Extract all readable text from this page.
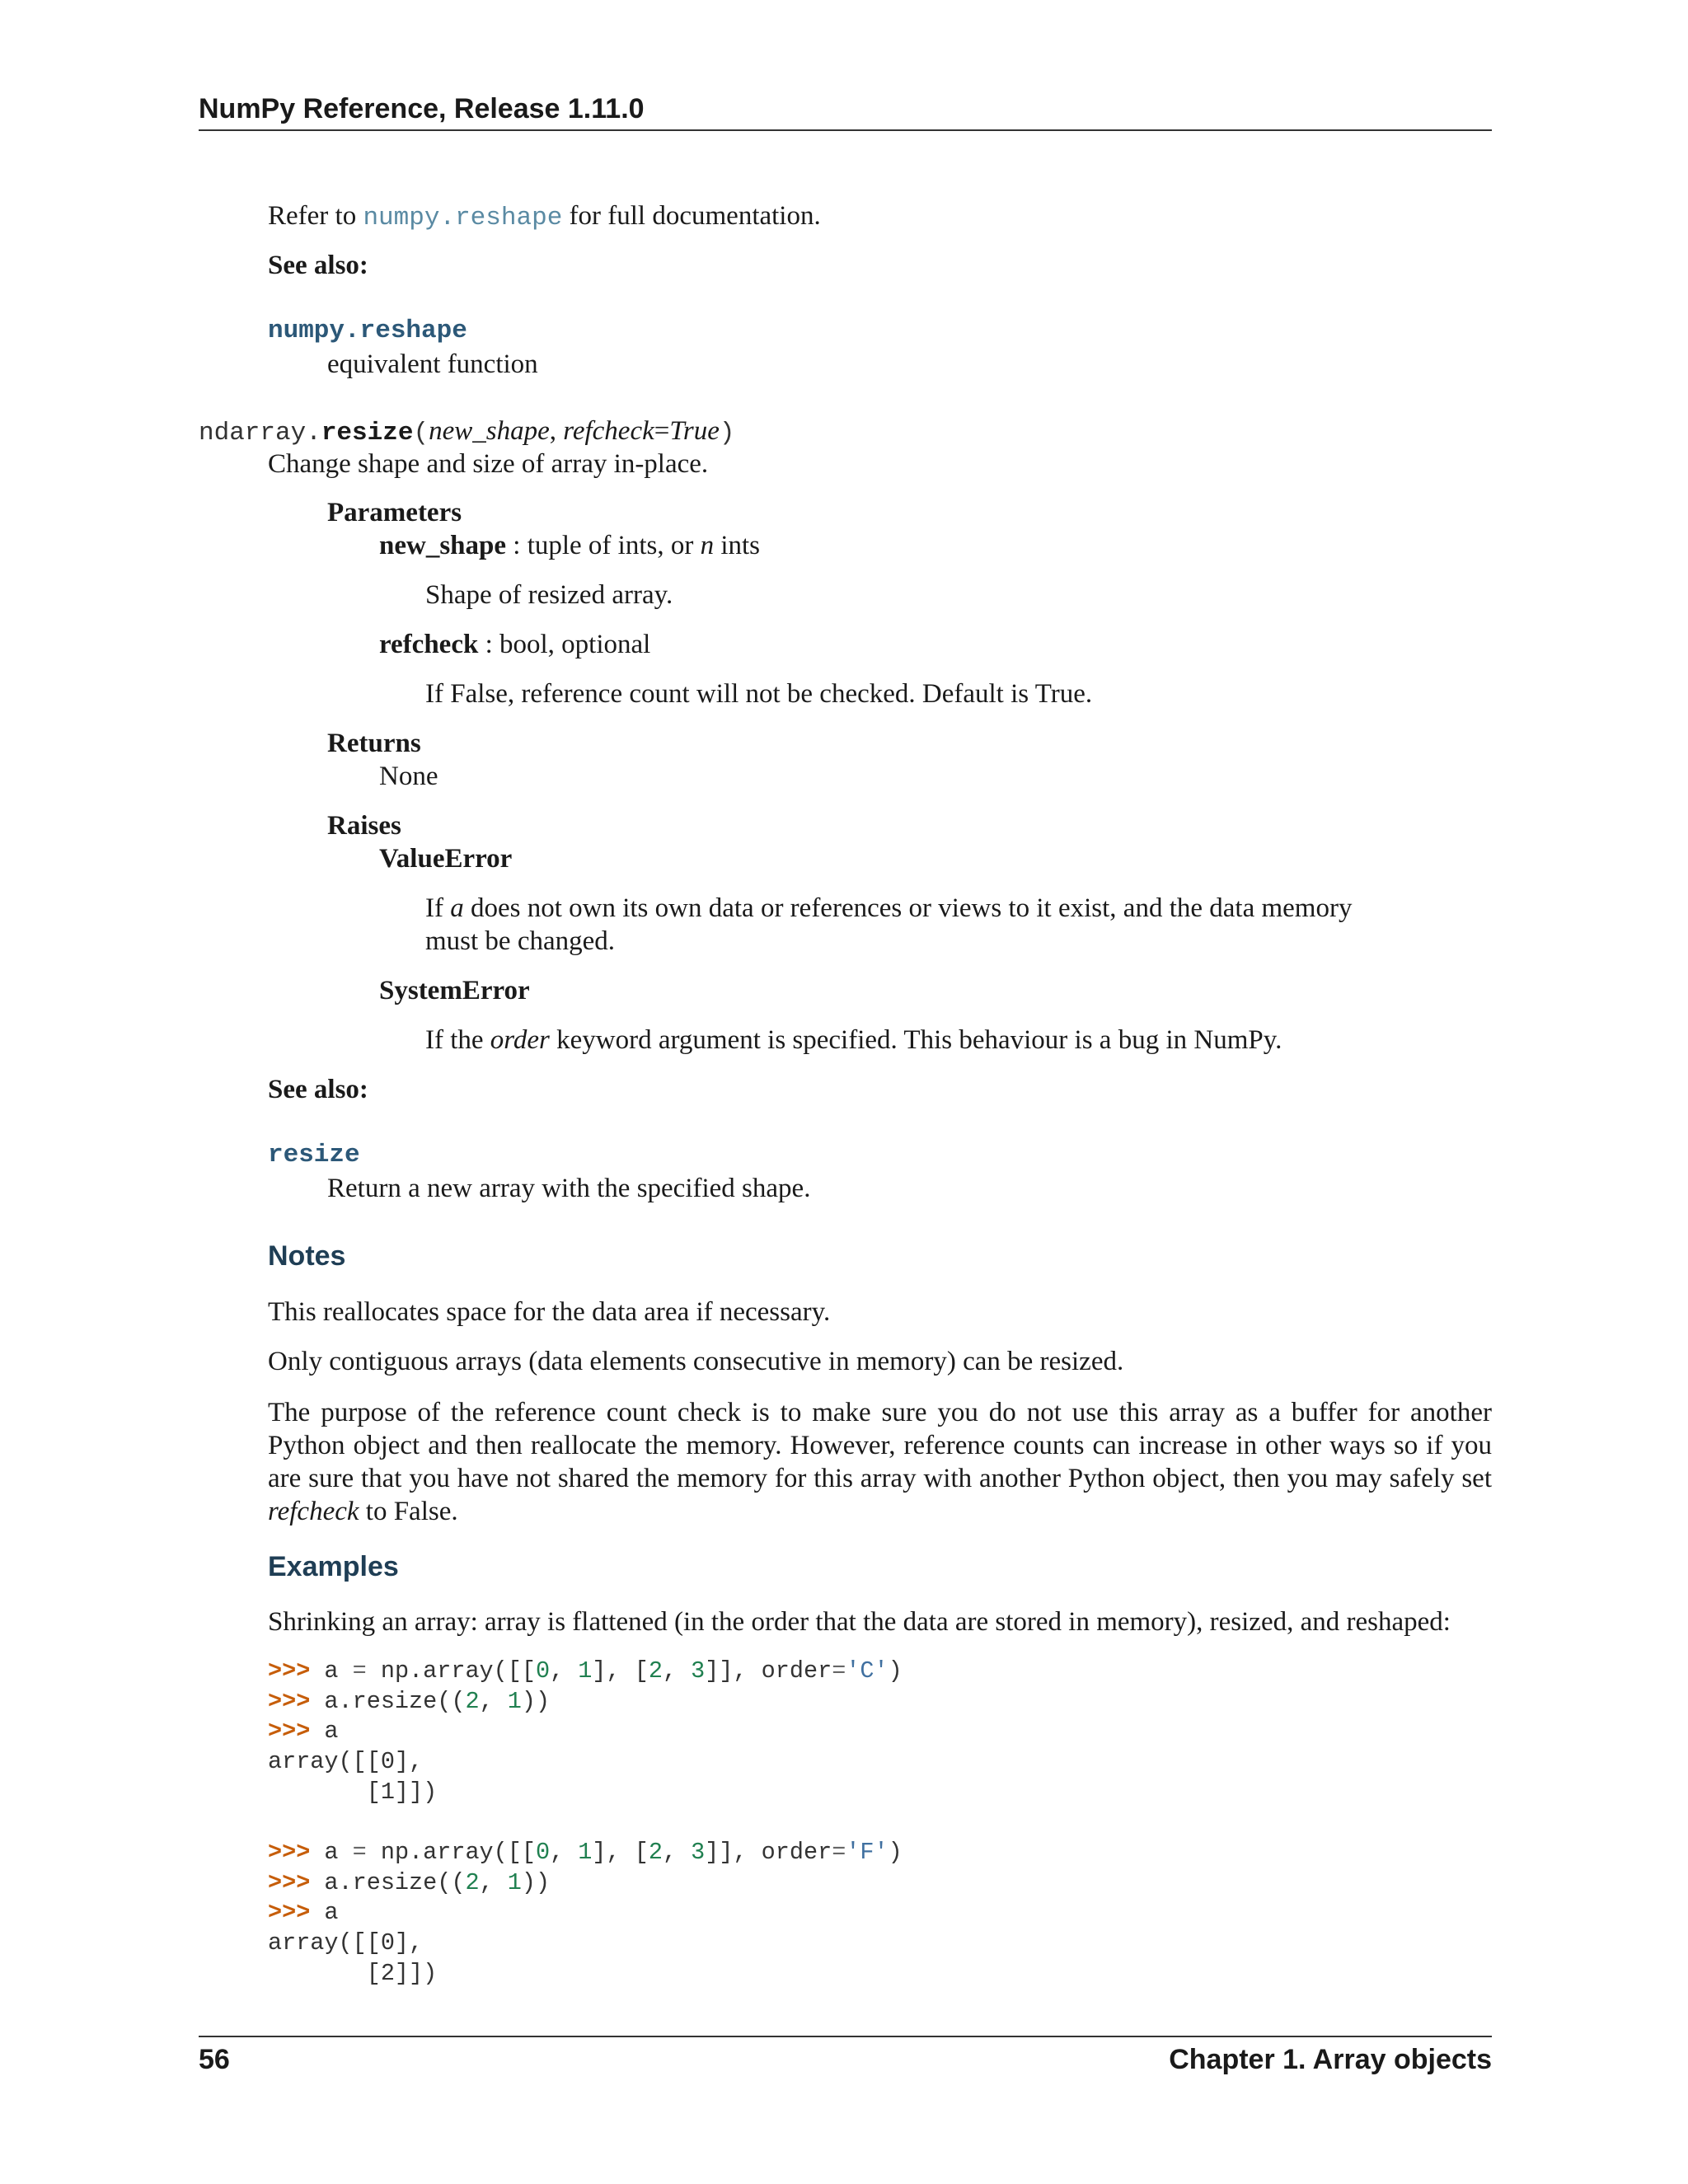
NumPy Reference, Release 1.11.0
Refer to numpy.reshape for full documentation.
See also:
numpy.reshape
equivalent function
ndarray.resize(new_shape, refcheck=True)
Change shape and size of array in-place.
Parameters
new_shape : tuple of ints, or n ints
Shape of resized array.
refcheck : bool, optional
If False, reference count will not be checked. Default is True.
Returns
None
Raises
ValueError
If a does not own its own data or references or views to it exist, and the data memory
must be changed.
SystemError
If the order keyword argument is specified. This behaviour is a bug in NumPy.
See also:
resize
Return a new array with the specified shape.
Notes
This reallocates space for the data area if necessary.
Only contiguous arrays (data elements consecutive in memory) can be resized.
The purpose of the reference count check is to make sure you do not use this array as a buffer for another Python object and then reallocate the memory. However, reference counts can increase in other ways so if you are sure that you have not shared the memory for this array with another Python object, then you may safely set refcheck to False.
Examples
Shrinking an array: array is flattened (in the order that the data are stored in memory), resized, and reshaped:
>>> a = np.array([[0, 1], [2, 3]], order='C')
>>> a.resize((2, 1))
>>> a
array([[0],
[1]])
>>> a = np.array([[0, 1], [2, 3]], order='F')
>>> a.resize((2, 1))
>>> a
array([[0],
[2]])
56	Chapter 1. Array objects
